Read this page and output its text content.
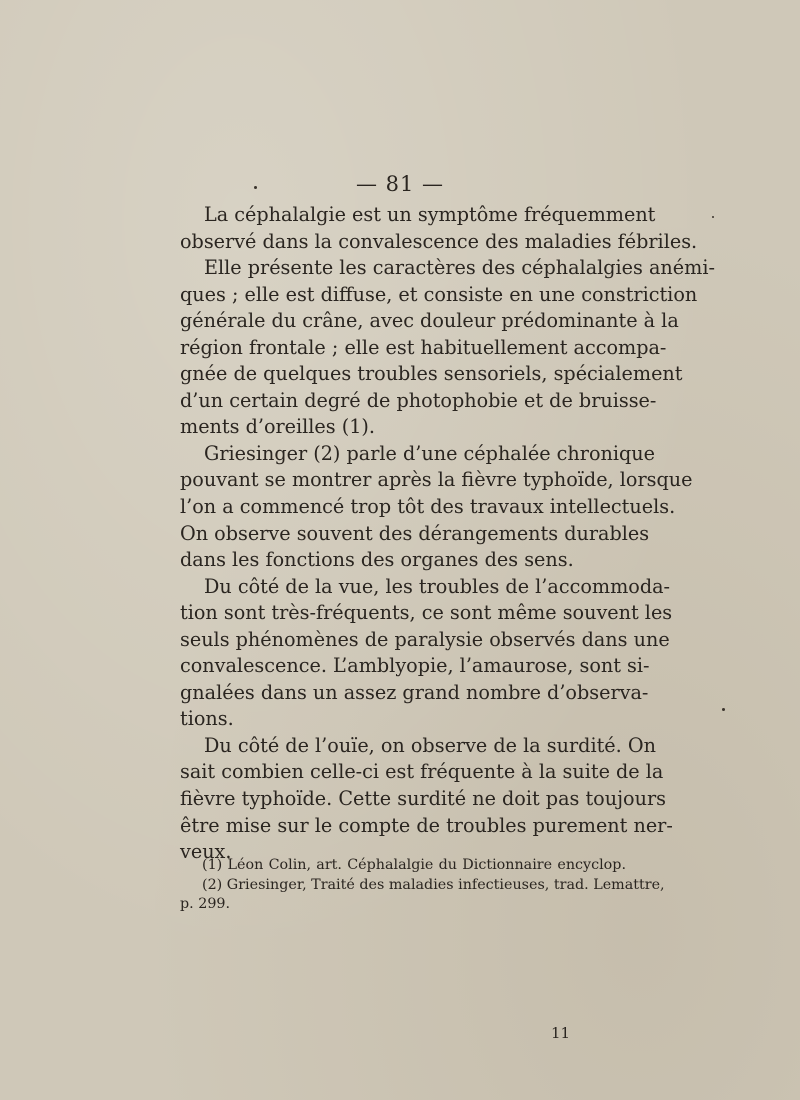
— 81 —
La céphalalgie est un symptôme fréquemment
observé dans la convalescence des maladies fébriles.
Elle présente les caractères des céphalalgies anémi-
ques ; elle est diffuse, et consiste en une constriction
générale du crâne, avec douleur prédominante à la
région frontale ; elle est habituellement accompa-
gnée de quelques troubles sensoriels, spécialement
d’un certain degré de photophobie et de bruisse-
ments d’oreilles (1).
Griesinger (2) parle d’une céphalée chronique
pouvant se montrer après la fièvre typhoïde, lorsque
l’on a commencé trop tôt des travaux intellectuels.
On observe souvent des dérangements durables
dans les fonctions des organes des sens.
Du côté de la vue, les troubles de l’accommoda-
tion sont très-fréquents, ce sont même souvent les
seuls phénomènes de paralysie observés dans une
convalescence. L’amblyopie, l’amaurose, sont si-
gnalées dans un assez grand nombre d’observa-
tions.
Du côté de l’ouïe, on observe de la surdité. On
sait combien celle-ci est fréquente à la suite de la
fièvre typhoïde. Cette surdité ne doit pas toujours
être mise sur le compte de troubles purement ner-
veux.
(1) Léon Colin, art. Céphalalgie du Dictionnaire encyclop.
(2) Griesinger, Traité des maladies infectieuses, trad. Lemattre,
p. 299.
11
